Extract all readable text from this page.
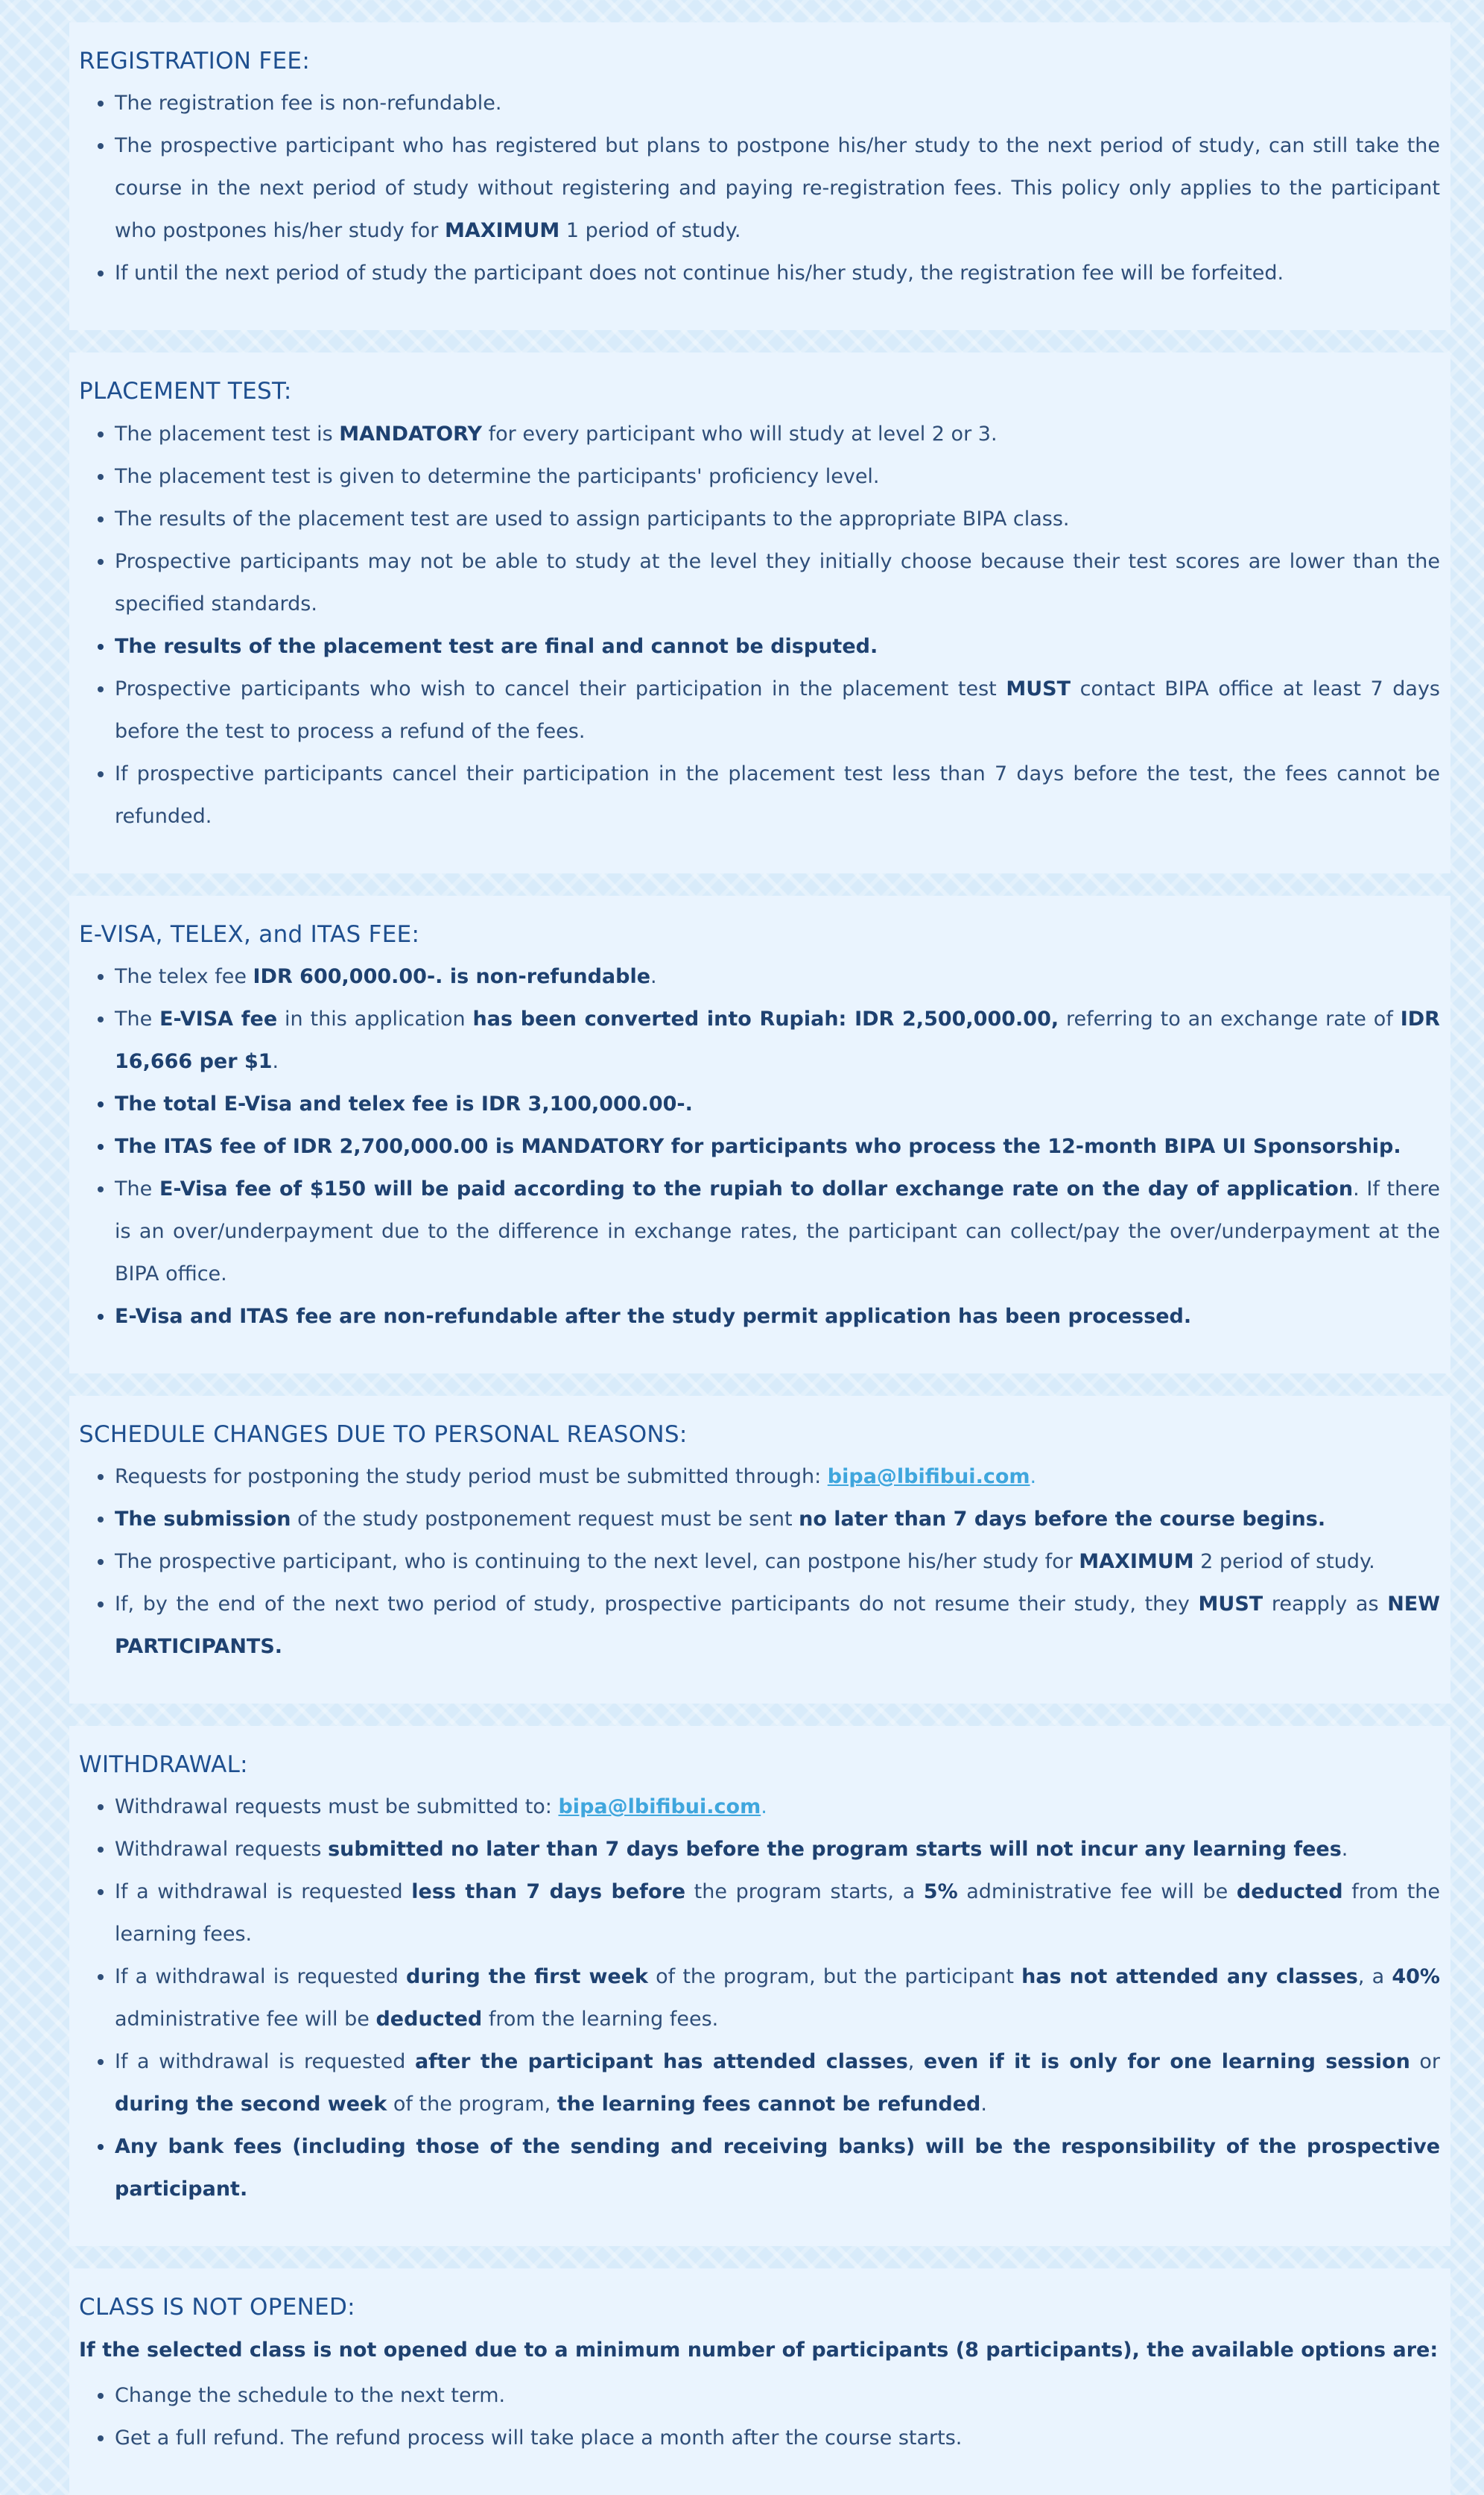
REGISTRATION FEE:
• The registration fee is non-refundable.
• The prospective participant who has registered but plans to postpone his/her study to the next period of study, can still take the course in the next period of study without registering and paying re-registration fees. This policy only applies to the participant who postpones his/her study for MAXIMUM 1 period of study.
• If until the next period of study the participant does not continue his/her study, the registration fee will be forfeited.
PLACEMENT TEST:
• The placement test is MANDATORY for every participant who will study at level 2 or 3.
• The placement test is given to determine the participants' proficiency level.
• The results of the placement test are used to assign participants to the appropriate BIPA class.
• Prospective participants may not be able to study at the level they initially choose because their test scores are lower than the specified standards.
• The results of the placement test are final and cannot be disputed.
• Prospective participants who wish to cancel their participation in the placement test MUST contact BIPA office at least 7 days before the test to process a refund of the fees.
• If prospective participants cancel their participation in the placement test less than 7 days before the test, the fees cannot be refunded.
E-VISA, TELEX, and ITAS FEE:
• The telex fee IDR 600,000.00-. is non-refundable.
• The E-VISA fee in this application has been converted into Rupiah: IDR 2,500,000.00, referring to an exchange rate of IDR 16,666 per $1.
• The total E-Visa and telex fee is IDR 3,100,000.00-.
• The ITAS fee of IDR 2,700,000.00 is MANDATORY for participants who process the 12-month BIPA UI Sponsorship.
• The E-Visa fee of $150 will be paid according to the rupiah to dollar exchange rate on the day of application. If there is an over/underpayment due to the difference in exchange rates, the participant can collect/pay the over/underpayment at the BIPA office.
• E-Visa and ITAS fee are non-refundable after the study permit application has been processed.
SCHEDULE CHANGES DUE TO PERSONAL REASONS:
• Requests for postponing the study period must be submitted through: bipa@lbifibui.com.
• The submission of the study postponement request must be sent no later than 7 days before the course begins.
• The prospective participant, who is continuing to the next level, can postpone his/her study for MAXIMUM 2 period of study.
• If, by the end of the next two period of study, prospective participants do not resume their study, they MUST reapply as NEW PARTICIPANTS.
WITHDRAWAL:
• Withdrawal requests must be submitted to: bipa@lbifibui.com.
• Withdrawal requests submitted no later than 7 days before the program starts will not incur any learning fees.
• If a withdrawal is requested less than 7 days before the program starts, a 5% administrative fee will be deducted from the learning fees.
• If a withdrawal is requested during the first week of the program, but the participant has not attended any classes, a 40% administrative fee will be deducted from the learning fees.
• If a withdrawal is requested after the participant has attended classes, even if it is only for one learning session or during the second week of the program, the learning fees cannot be refunded.
• Any bank fees (including those of the sending and receiving banks) will be the responsibility of the prospective participant.
CLASS IS NOT OPENED:

If the selected class is not opened due to a minimum number of participants (8 participants), the available options are:

• Change the schedule to the next term.
• Get a full refund. The refund process will take place a month after the course starts.
